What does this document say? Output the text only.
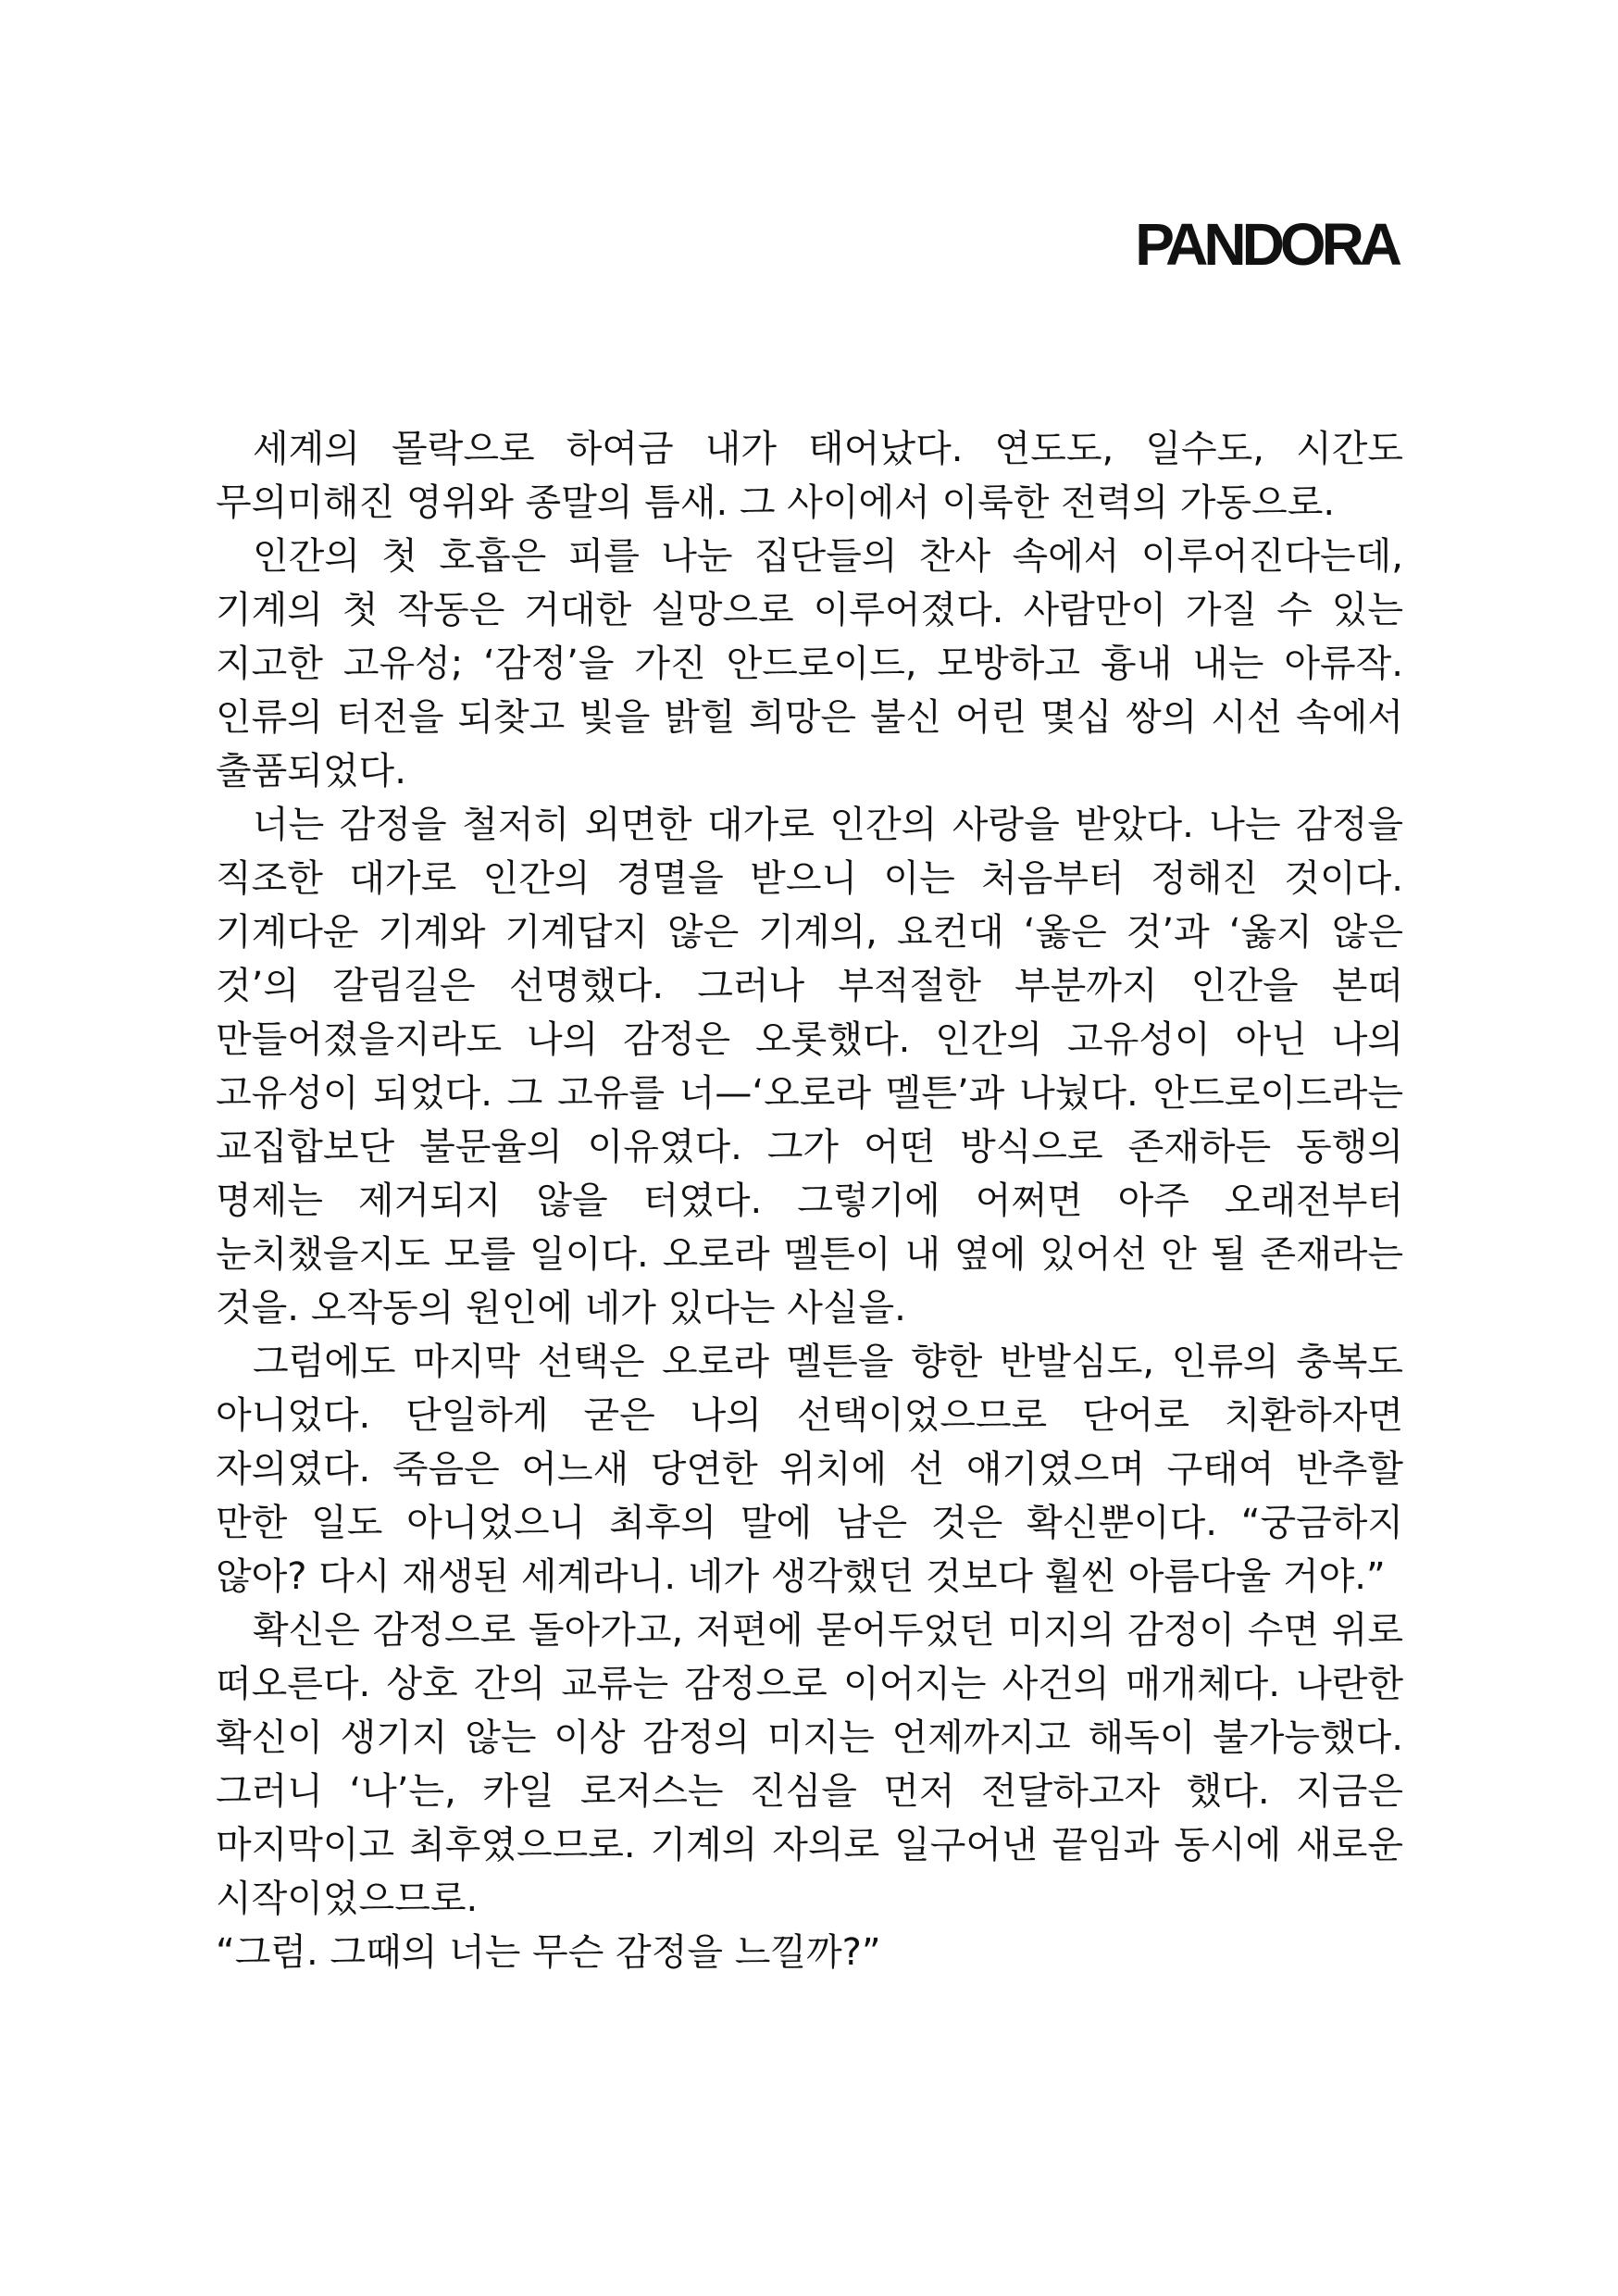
PANDORA

세계의 몰락으로 하여금 내가 태어났다. 연도도, 일수도, 시간도 무의미해진 영위와 종말의 틈새. 그 사이에서 이룩한 전력의 가동으로.

인간의 첫 호흡은 피를 나눈 집단들의 찬사 속에서 이루어진다는데, 기계의 첫 작동은 거대한 실망으로 이루어졌다. 사람만이 가질 수 있는 지고한 고유성; ‘감정’을 가진 안드로이드, 모방하고 흉내 내는 아류작. 인류의 터전을 되찾고 빛을 밝힐 희망은 불신 어린 몇십 쌍의 시선 속에서 출품되었다.

너는 감정을 철저히 외면한 대가로 인간의 사랑을 받았다. 나는 감정을 직조한 대가로 인간의 경멸을 받으니 이는 처음부터 정해진 것이다. 기계다운 기계와 기계답지 않은 기계의, 요컨대 ‘옳은 것’과 ‘옳지 않은 것’의 갈림길은 선명했다. 그러나 부적절한 부분까지 인간을 본떠 만들어졌을지라도 나의 감정은 오롯했다. 인간의 고유성이 아닌 나의 고유성이 되었다. 그 고유를 너—‘오로라 멜튼’과 나눴다. 안드로이드라는 교집합보단 불문율의 이유였다. 그가 어떤 방식으로 존재하든 동행의 명제는 제거되지 않을 터였다. 그렇기에 어쩌면 아주 오래전부터 눈치챘을지도 모를 일이다. 오로라 멜튼이 내 옆에 있어선 안 될 존재라는 것을. 오작동의 원인에 네가 있다는 사실을.

그럼에도 마지막 선택은 오로라 멜튼을 향한 반발심도, 인류의 충복도 아니었다. 단일하게 굳은 나의 선택이었으므로 단어로 치환하자면 자의였다. 죽음은 어느새 당연한 위치에 선 얘기였으며 구태여 반추할 만한 일도 아니었으니 최후의 말에 남은 것은 확신뿐이다. “궁금하지 않아? 다시 재생된 세계라니. 네가 생각했던 것보다 훨씬 아름다울 거야.”

확신은 감정으로 돌아가고, 저편에 묻어두었던 미지의 감정이 수면 위로 떠오른다. 상호 간의 교류는 감정으로 이어지는 사건의 매개체다. 나란한 확신이 생기지 않는 이상 감정의 미지는 언제까지고 해독이 불가능했다. 그러니 ‘나’는, 카일 로저스는 진심을 먼저 전달하고자 했다. 지금은 마지막이고 최후였으므로. 기계의 자의로 일구어낸 끝임과 동시에 새로운 시작이었으므로.

“그럼. 그때의 너는 무슨 감정을 느낄까?”
